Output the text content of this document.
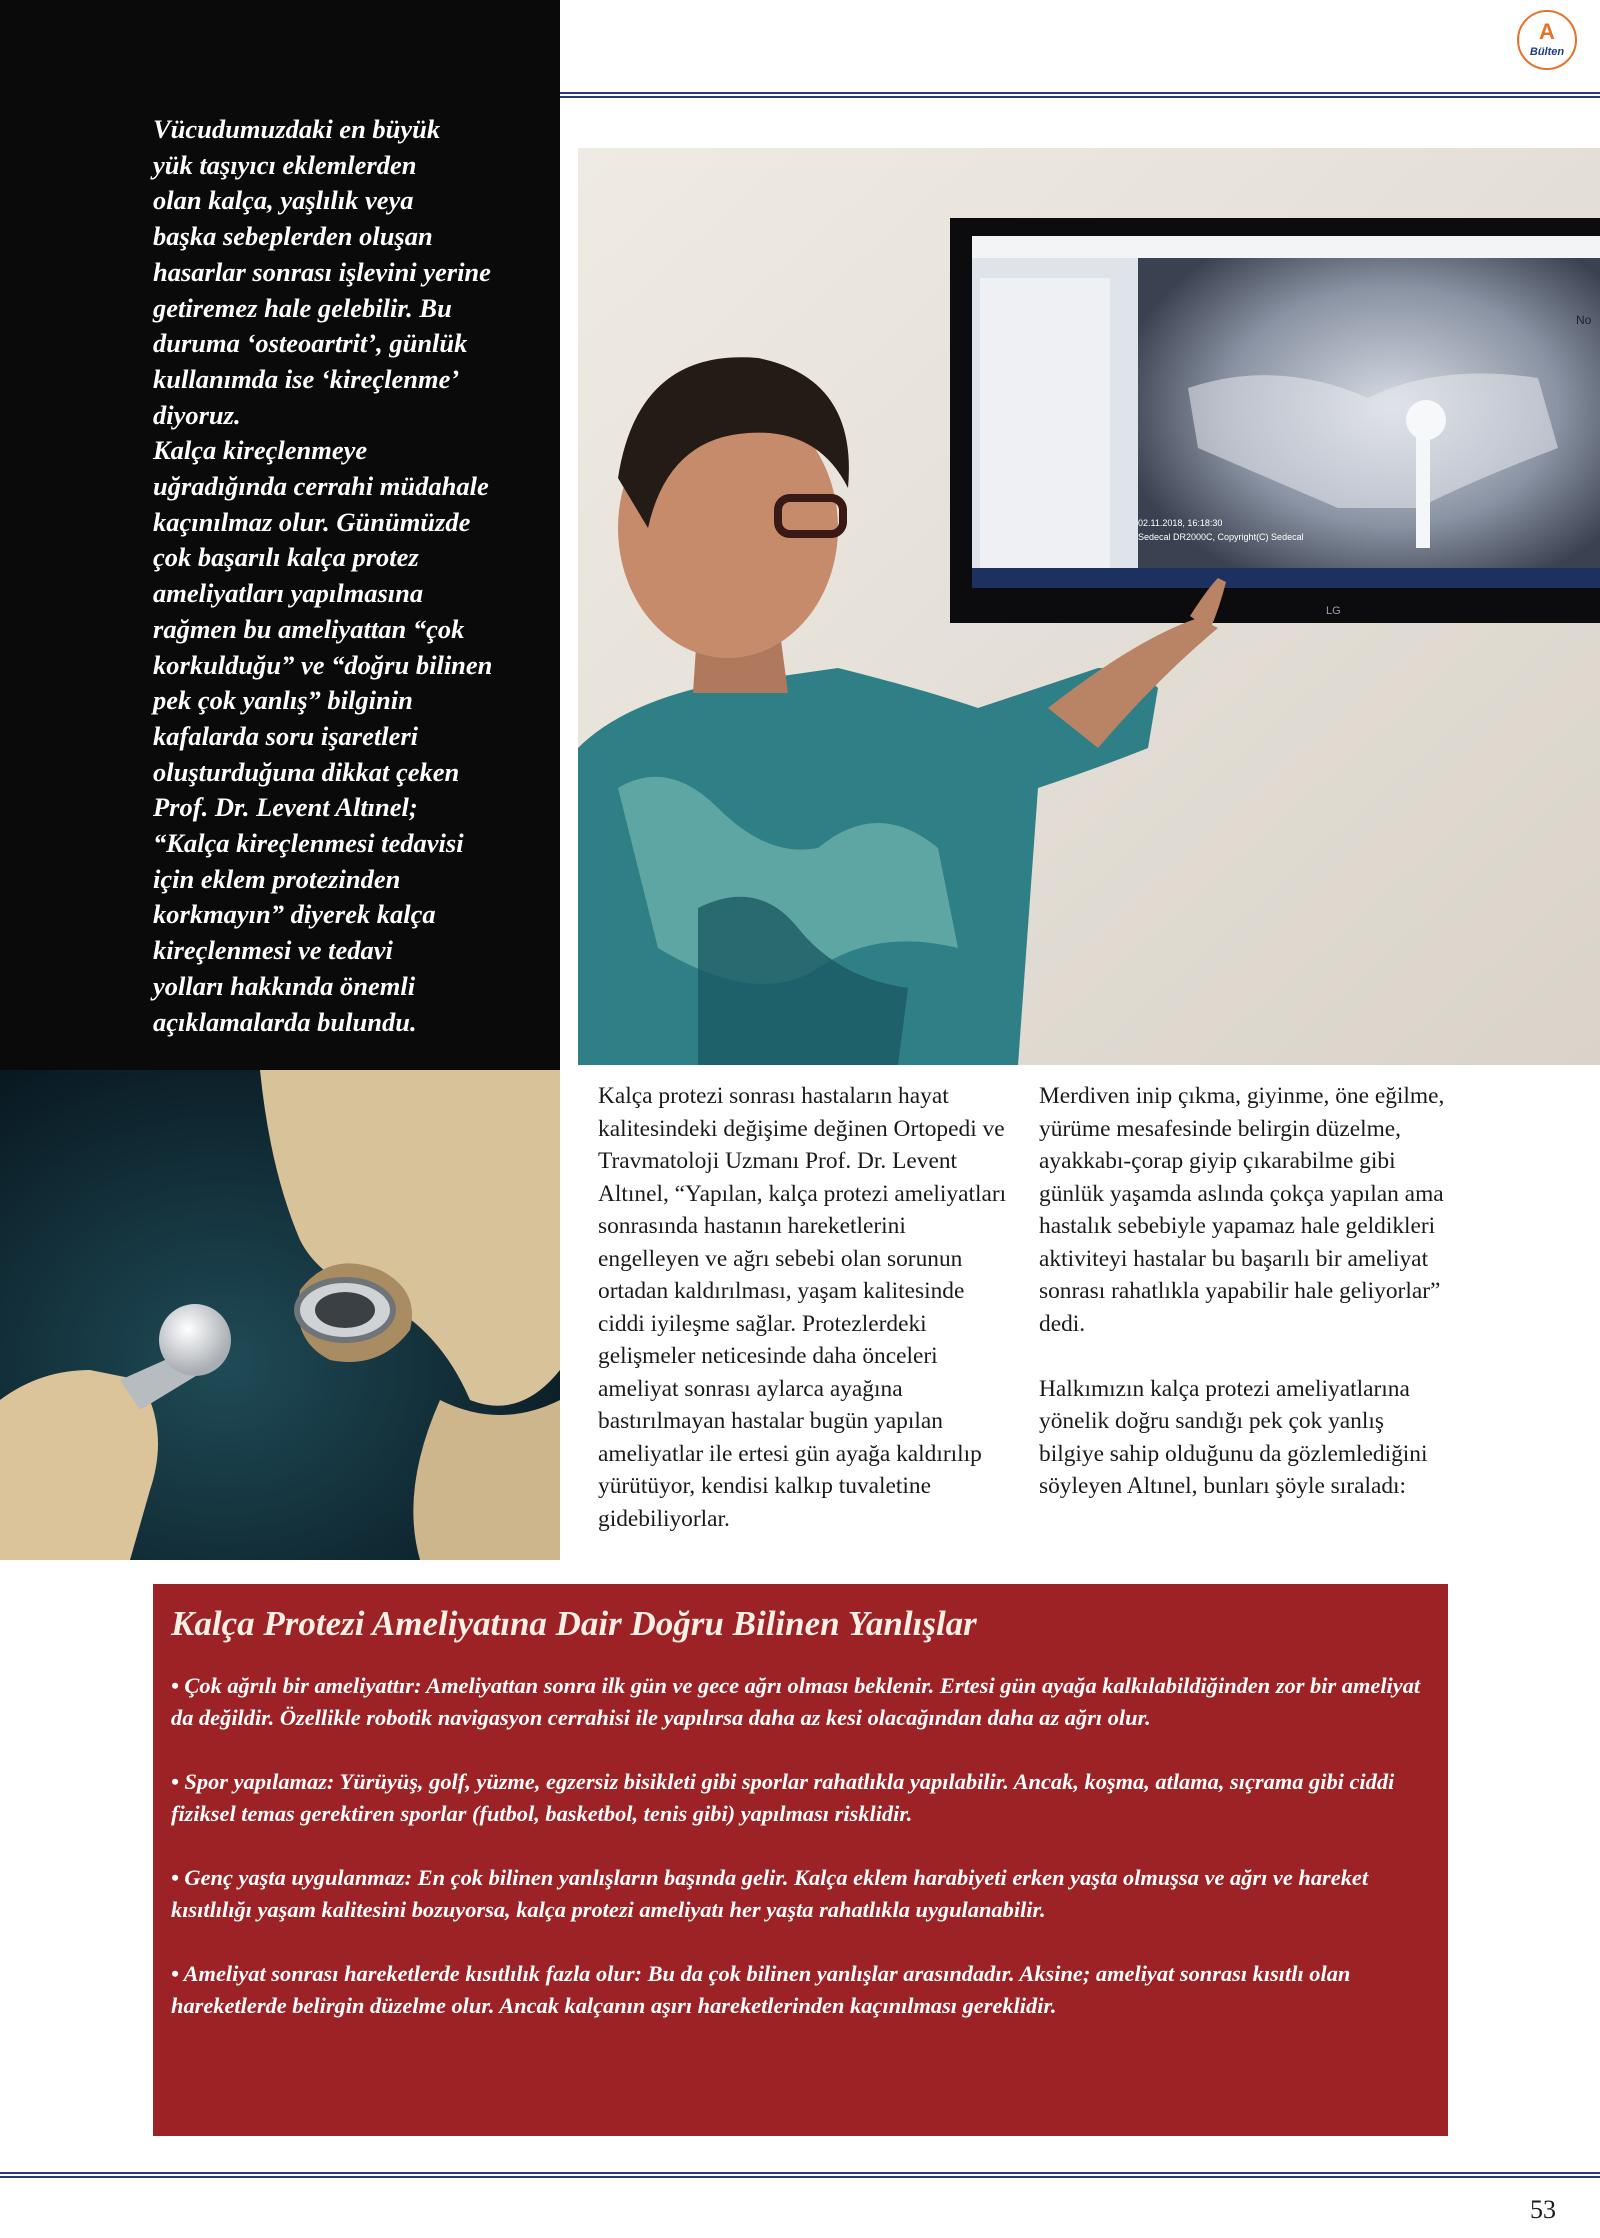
Vücudumuzdaki en büyük
yük taşıyıcı eklemlerden
olan kalça, yaşlılık veya
başka sebeplerden oluşan
hasarlar sonrası işlevini yerine
getiremez hale gelebilir. Bu
duruma ‘osteoartrit’, günlük
kullanımda ise ‘kireçlenme’
diyoruz.
Kalça kireçlenmeye
uğradığında cerrahi müdahale
kaçınılmaz olur. Günümüzde
çok başarılı kalça protez
ameliyatları yapılmasına
rağmen bu ameliyattan “çok
korkulduğu” ve “doğru bilinen
pek çok yanlış” bilginin
kafalarda soru işaretleri
oluşturduğuna dikkat çeken
Prof. Dr. Levent Altınel;
“Kalça kireçlenmesi tedavisi
için eklem protezinden
korkmayın” diyerek kalça
kireçlenmesi ve tedavi
yolları hakkında önemli
açıklamalarda bulundu.

A
Bülten
02.11.2018, 16:18:30
Sedecal DR2000C, Copyright(C) Sedecal
No
LG

Kalça protezi sonrası hastaların hayat kalitesindeki değişime değinen Ortopedi ve Travmatoloji Uzmanı Prof. Dr. Levent Altınel, “Yapılan, kalça protezi ameliyatları sonrasında hastanın hareketlerini engelleyen ve ağrı sebebi olan sorunun ortadan kaldırılması, yaşam kalitesinde ciddi iyileşme sağlar. Protezlerdeki gelişmeler neticesinde daha önceleri ameliyat sonrası aylarca ayağına bastırılmayan hastalar bugün yapılan ameliyatlar ile ertesi gün ayağa kaldırılıp yürütüyor, kendisi kalkıp tuvaletine gidebiliyorlar.

Merdiven inip çıkma, giyinme, öne eğilme, yürüme mesafesinde belirgin düzelme, ayakkabı-çorap giyip çıkarabilme gibi günlük yaşamda aslında çokça yapılan ama hastalık sebebiyle yapamaz hale geldikleri aktiviteyi hastalar bu başarılı bir ameliyat sonrası rahatlıkla yapabilir hale geliyorlar” dedi.

Halkımızın kalça protezi ameliyatlarına yönelik doğru sandığı pek çok yanlış bilgiye sahip olduğunu da gözlemlediğini söyleyen Altınel, bunları şöyle sıraladı:

Kalça Protezi Ameliyatına Dair Doğru Bilinen Yanlışlar

• Çok ağrılı bir ameliyattır: Ameliyattan sonra ilk gün ve gece ağrı olması beklenir. Ertesi gün ayağa kalkılabildiğinden zor bir ameliyat da değildir. Özellikle robotik navigasyon cerrahisi ile yapılırsa daha az kesi olacağından daha az ağrı olur.

• Spor yapılamaz: Yürüyüş, golf, yüzme, egzersiz bisikleti gibi sporlar rahatlıkla yapılabilir. Ancak, koşma, atlama, sıçrama gibi ciddi fiziksel temas gerektiren sporlar (futbol, basketbol, tenis gibi) yapılması risklidir.

• Genç yaşta uygulanmaz: En çok bilinen yanlışların başında gelir. Kalça eklem harabiyeti erken yaşta olmuşsa ve ağrı ve hareket kısıtlılığı yaşam kalitesini bozuyorsa, kalça protezi ameliyatı her yaşta rahatlıkla uygulanabilir.

• Ameliyat sonrası hareketlerde kısıtlılık fazla olur: Bu da çok bilinen yanlışlar arasındadır. Aksine; ameliyat sonrası kısıtlı olan hareketlerde belirgin düzelme olur. Ancak kalçanın aşırı hareketlerinden kaçınılması gereklidir.

53
